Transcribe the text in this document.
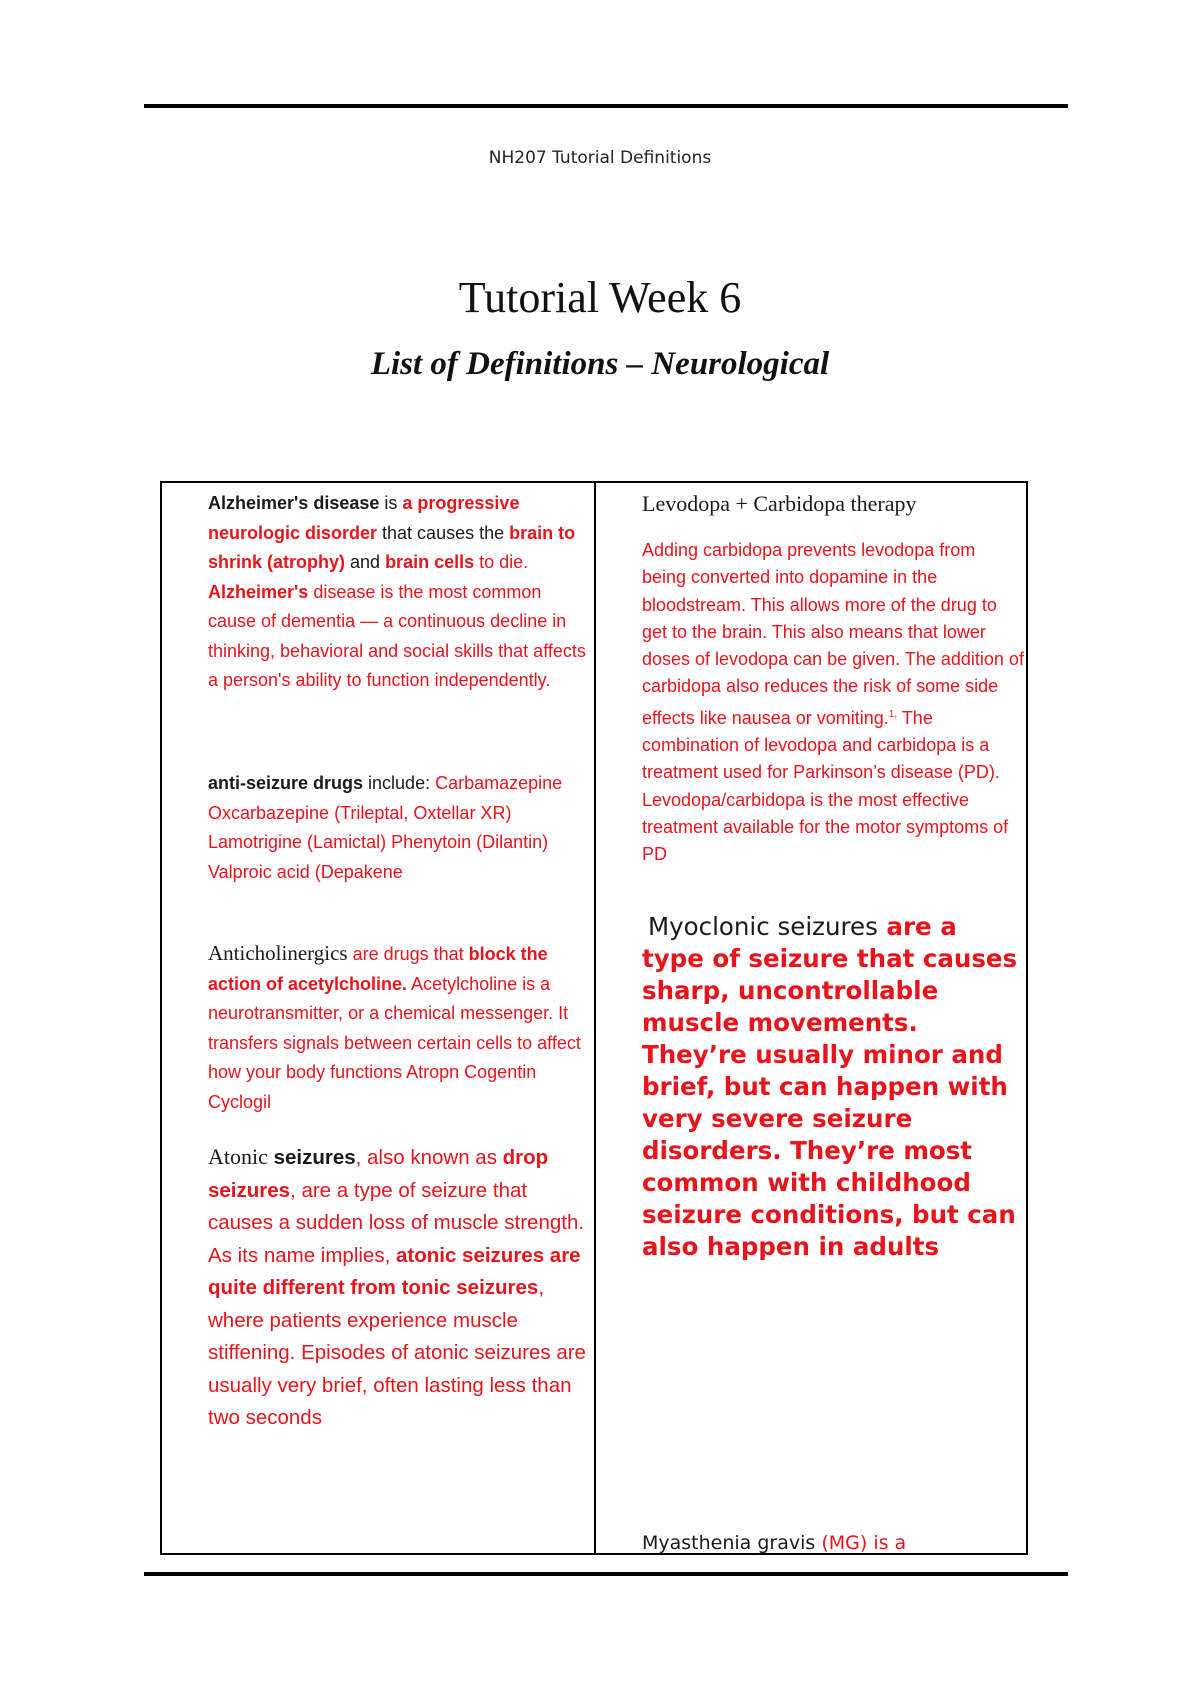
NH207 Tutorial Definitions
Tutorial Week 6
List of Definitions – Neurological

Alzheimer's disease is a progressive neurologic disorder that causes the brain to shrink (atrophy) and brain cells to die. Alzheimer's disease is the most common cause of dementia — a continuous decline in thinking, behavioral and social skills that affects a person's ability to function independently.

anti-seizure drugs include: Carbamazepine Oxcarbazepine (Trileptal, Oxtellar XR) Lamotrigine (Lamictal) Phenytoin (Dilantin) Valproic acid (Depakene

Anticholinergics are drugs that block the action of acetylcholine. Acetylcholine is a neurotransmitter, or a chemical messenger. It transfers signals between certain cells to affect how your body functions Atropn Cogentin Cyclogil

Atonic seizures, also known as drop seizures, are a type of seizure that causes a sudden loss of muscle strength. As its name implies, atonic seizures are quite different from tonic seizures, where patients experience muscle stiffening. Episodes of atonic seizures are usually very brief, often lasting less than two seconds

Levodopa + Carbidopa therapy

Adding carbidopa prevents levodopa from being converted into dopamine in the bloodstream. This allows more of the drug to get to the brain. This also means that lower doses of levodopa can be given. The addition of carbidopa also reduces the risk of some side effects like nausea or vomiting.$^{1,}$ The combination of levodopa and carbidopa is a treatment used for Parkinson’s disease (PD). Levodopa/carbidopa is the most effective treatment available for the motor symptoms of PD

Myoclonic seizures are a type of seizure that causes sharp, uncontrollable muscle movements. They’re usually minor and brief, but can happen with very severe seizure disorders. They’re most common with childhood seizure conditions, but can also happen in adults

Myasthenia gravis (MG) is a
